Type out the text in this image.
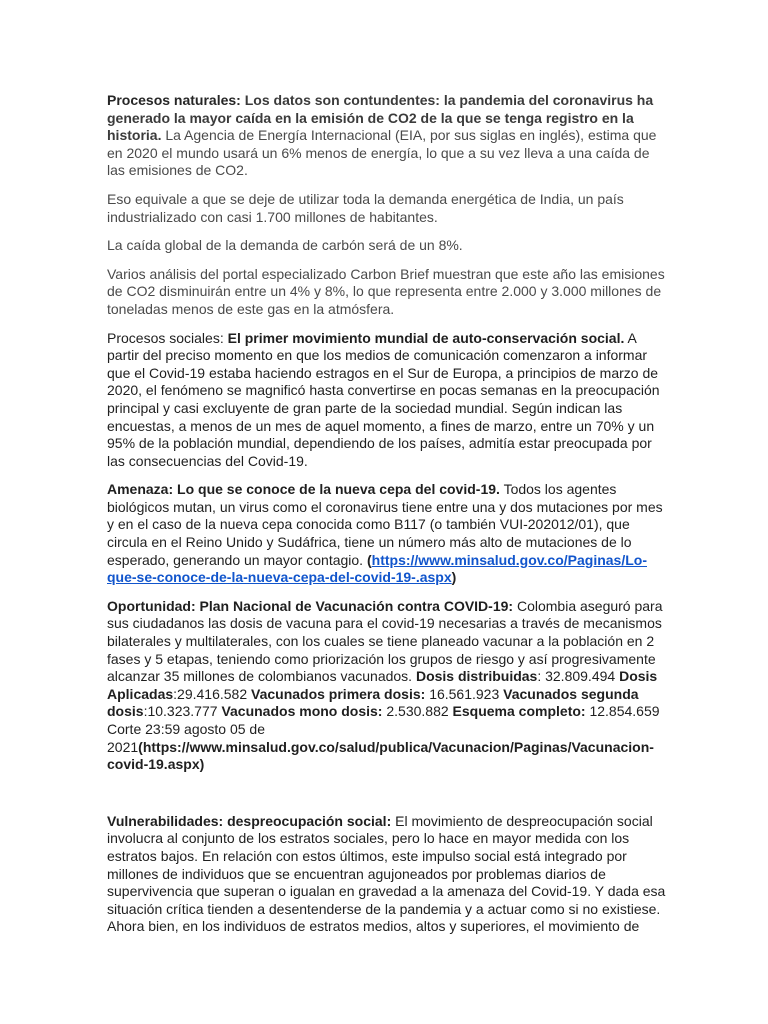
Procesos naturales: Los datos son contundentes: la pandemia del coronavirus ha generado la mayor caída en la emisión de CO2 de la que se tenga registro en la historia. La Agencia de Energía Internacional (EIA, por sus siglas en inglés), estima que en 2020 el mundo usará un 6% menos de energía, lo que a su vez lleva a una caída de las emisiones de CO2.

Eso equivale a que se deje de utilizar toda la demanda energética de India, un país industrializado con casi 1.700 millones de habitantes.

La caída global de la demanda de carbón será de un 8%.

Varios análisis del portal especializado Carbon Brief muestran que este año las emisiones de CO2 disminuirán entre un 4% y 8%, lo que representa entre 2.000 y 3.000 millones de toneladas menos de este gas en la atmósfera.

Procesos sociales: El primer movimiento mundial de auto-conservación social. A partir del preciso momento en que los medios de comunicación comenzaron a informar que el Covid-19 estaba haciendo estragos en el Sur de Europa, a principios de marzo de 2020, el fenómeno se magnificó hasta convertirse en pocas semanas en la preocupación principal y casi excluyente de gran parte de la sociedad mundial. Según indican las encuestas, a menos de un mes de aquel momento, a fines de marzo, entre un 70% y un 95% de la población mundial, dependiendo de los países, admitía estar preocupada por las consecuencias del Covid-19.

Amenaza: Lo que se conoce de la nueva cepa del covid-19. Todos los agentes biológicos mutan, un virus como el coronavirus tiene entre una y dos mutaciones por mes y en el caso de la nueva cepa conocida como B117 (o también VUI-202012/01), que circula en el Reino Unido y Sudáfrica, tiene un número más alto de mutaciones de lo esperado, generando un mayor contagio. (https://www.minsalud.gov.co/Paginas/Lo-que-se-conoce-de-la-nueva-cepa-del-covid-19-.aspx)

Oportunidad: Plan Nacional de Vacunación contra COVID-19: Colombia aseguró para sus ciudadanos las dosis de vacuna para el covid-19 necesarias a través de mecanismos bilaterales y multilaterales, con los cuales se tiene planeado vacunar a la población en 2 fases y 5 etapas, teniendo como priorización los grupos de riesgo y así progresivamente alcanzar 35 millones de colombianos vacunados. Dosis distribuidas: 32.809.494 Dosis Aplicadas:29.416.582 Vacunados primera dosis: 16.561.923 Vacunados segunda dosis:10.323.777 Vacunados mono dosis: 2.530.882 Esquema completo: 12.854.659 Corte 23:59 agosto 05 de 2021(https://www.minsalud.gov.co/salud/publica/Vacunacion/Paginas/Vacunacion-covid-19.aspx)

Vulnerabilidades: despreocupación social: El movimiento de despreocupación social involucra al conjunto de los estratos sociales, pero lo hace en mayor medida con los estratos bajos. En relación con estos últimos, este impulso social está integrado por millones de individuos que se encuentran agujoneados por problemas diarios de supervivencia que superan o igualan en gravedad a la amenaza del Covid-19. Y dada esa situación crítica tienden a desentenderse de la pandemia y a actuar como si no existiese. Ahora bien, en los individuos de estratos medios, altos y superiores, el movimiento de
